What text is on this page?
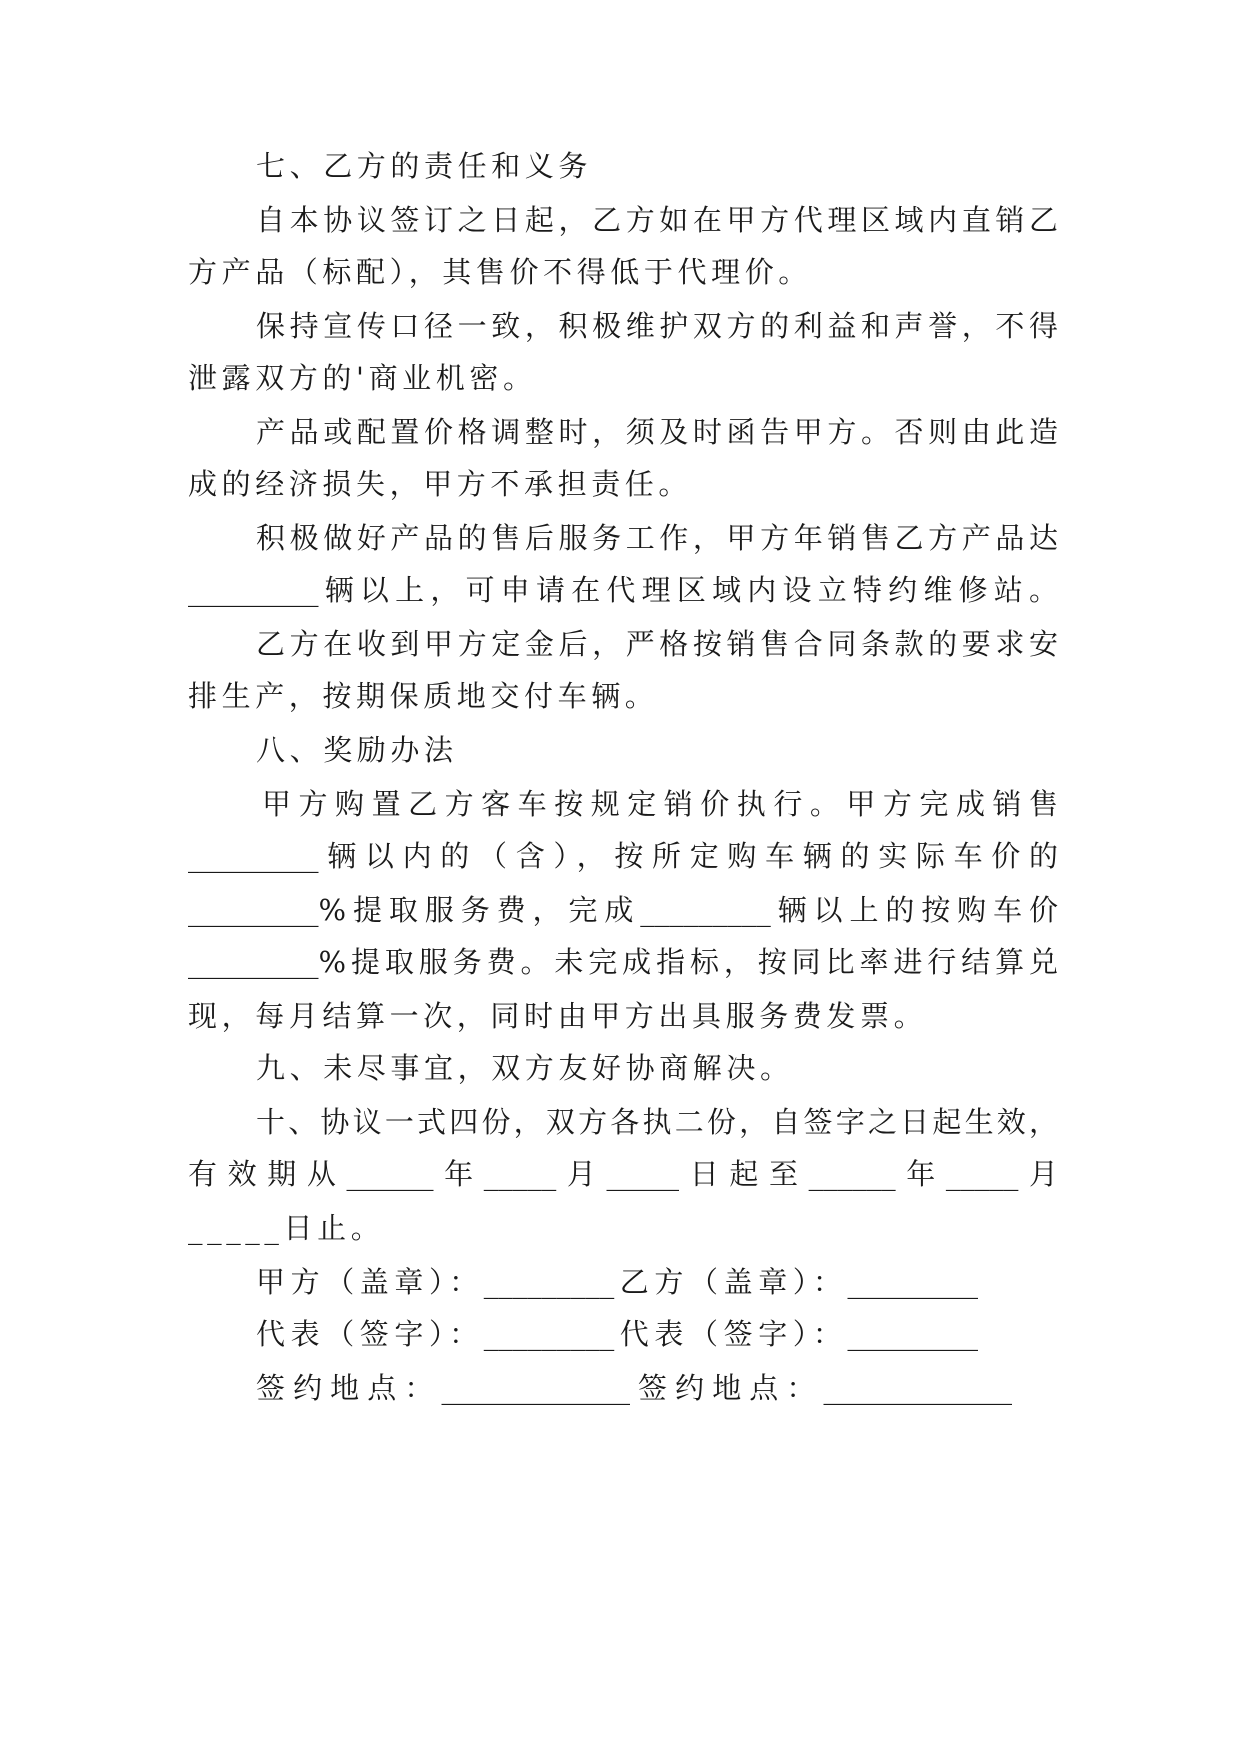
七、乙方的责任和义务
自本协议签订之日起，乙方如在甲方代理区域内直销乙
方产品（标配），其售价不得低于代理价。
保持宣传口径一致，积极维护双方的利益和声誉，不得
泄露双方的'商业机密。
产品或配置价格调整时，须及时函告甲方。否则由此造
成的经济损失，甲方不承担责任。
积极做好产品的售后服务工作，甲方年销售乙方产品达
_________辆以上，可申请在代理区域内设立特约维修站。
乙方在收到甲方定金后，严格按销售合同条款的要求安
排生产，按期保质地交付车辆。
八、奖励办法
甲方购置乙方客车按规定销价执行。甲方完成销售
_________辆以内的（含），按所定购车辆的实际车价的
_________%提取服务费，完成_________辆以上的按购车价
_________%提取服务费。未完成指标，按同比率进行结算兑
现，每月结算一次，同时由甲方出具服务费发票。
九、未尽事宜，双方友好协商解决。
十、协议一式四份，双方各执二份，自签字之日起生效，
有效期从______年_____月_____日起至______年_____月
_____日止。
甲方（盖章）：_________乙方（盖章）：_________
代表（签字）：_________代表（签字）：_________
签约地点：_____________签约地点：_____________
